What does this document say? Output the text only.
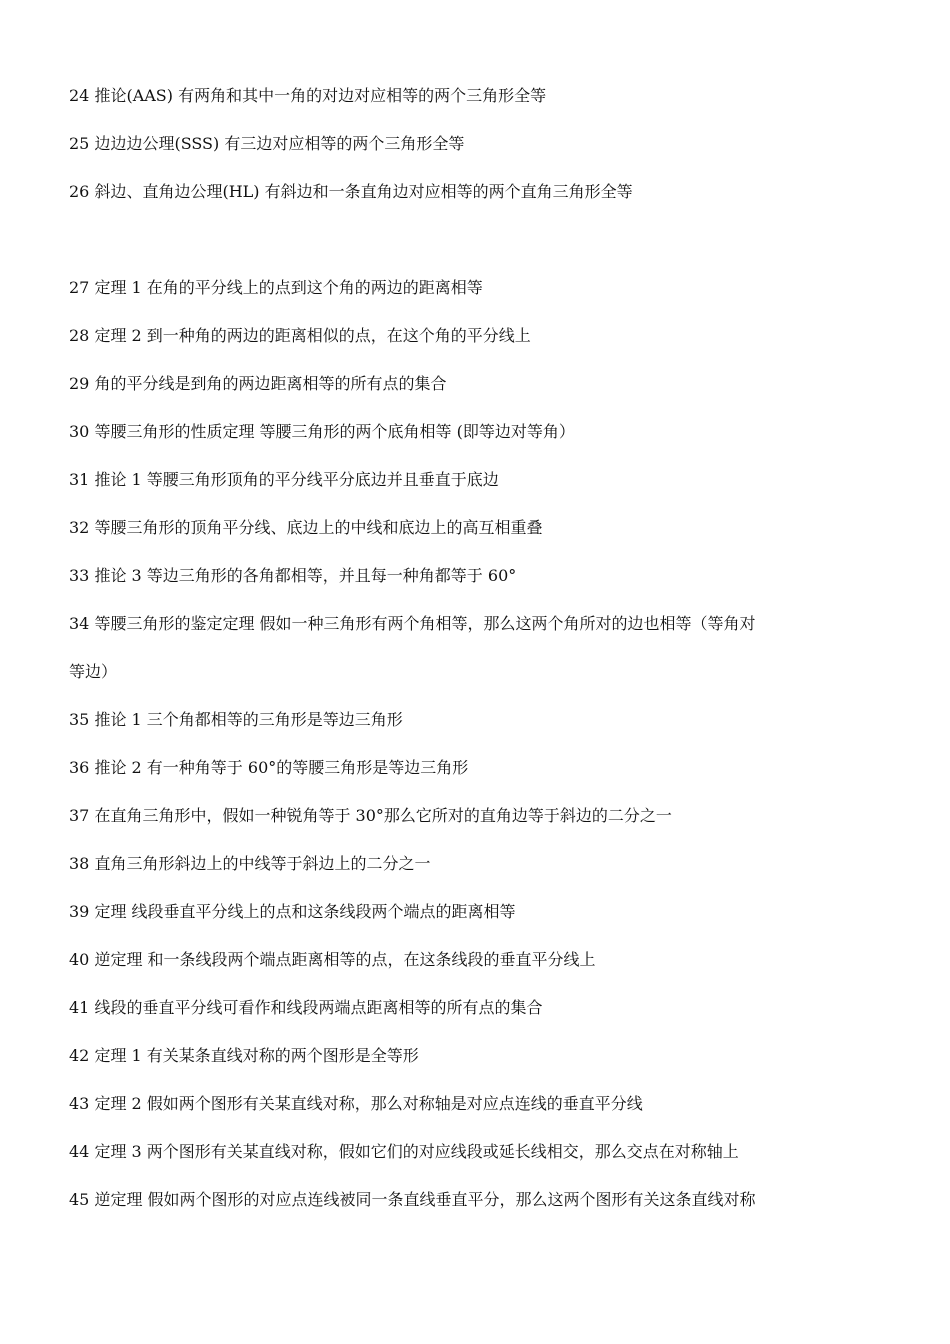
24 推论(AAS) 有两角和其中一角的对边对应相等的两个三角形全等
25 边边边公理(SSS) 有三边对应相等的两个三角形全等
26 斜边、直角边公理(HL) 有斜边和一条直角边对应相等的两个直角三角形全等
27 定理 1 在角的平分线上的点到这个角的两边的距离相等
28 定理 2 到一种角的两边的距离相似的点，在这个角的平分线上
29 角的平分线是到角的两边距离相等的所有点的集合
30 等腰三角形的性质定理 等腰三角形的两个底角相等 (即等边对等角）
31 推论 1 等腰三角形顶角的平分线平分底边并且垂直于底边
32 等腰三角形的顶角平分线、底边上的中线和底边上的高互相重叠
33 推论 3 等边三角形的各角都相等，并且每一种角都等于 60°
34 等腰三角形的鉴定定理 假如一种三角形有两个角相等，那么这两个角所对的边也相等（等角对
等边）
35 推论 1 三个角都相等的三角形是等边三角形
36 推论 2 有一种角等于 60°的等腰三角形是等边三角形
37 在直角三角形中，假如一种锐角等于 30°那么它所对的直角边等于斜边的二分之一
38 直角三角形斜边上的中线等于斜边上的二分之一
39 定理 线段垂直平分线上的点和这条线段两个端点的距离相等
40 逆定理 和一条线段两个端点距离相等的点，在这条线段的垂直平分线上
41 线段的垂直平分线可看作和线段两端点距离相等的所有点的集合
42 定理 1 有关某条直线对称的两个图形是全等形
43 定理 2 假如两个图形有关某直线对称，那么对称轴是对应点连线的垂直平分线
44 定理 3 两个图形有关某直线对称，假如它们的对应线段或延长线相交，那么交点在对称轴上
45 逆定理 假如两个图形的对应点连线被同一条直线垂直平分，那么这两个图形有关这条直线对称
